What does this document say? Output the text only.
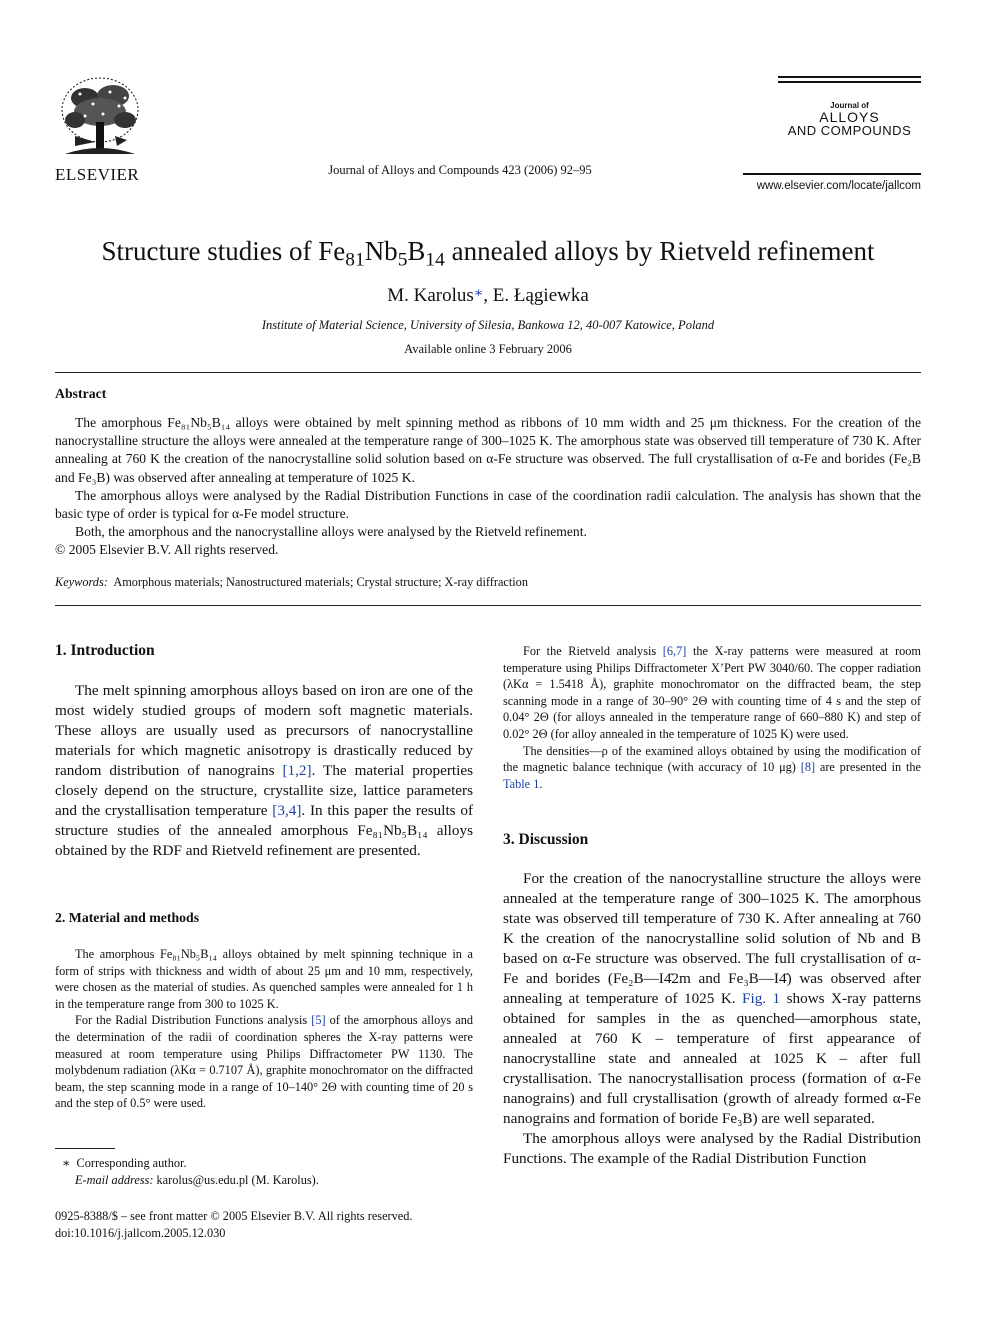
ELSEVIER	Journal of Alloys and Compounds 423 (2006) 92–95
Journal of
ALLOYS
AND COMPOUNDS
www.elsevier.com/locate/jallcom
Structure studies of $Fe_{81}Nb_5B_{14}$ annealed alloys by Rietveld refinement
M. Karolus∗, E. Łągiewka
Institute of Material Science, University of Silesia, Bankowa 12, 40-007 Katowice, Poland
Available online 3 February 2006
Abstract

The amorphous Fe₈₁Nb₅B₁₄ alloys were obtained by melt spinning method as ribbons of 10 mm width and 25 μm thickness. For the creation of the nanocrystalline structure the alloys were annealed at the temperature range of 300–1025 K. The amorphous state was observed till temperature of 730 K. After annealing at 760 K the creation of the nanocrystalline solid solution based on α-Fe structure was observed. The full crystallisation of α-Fe and borides (Fe₂B and Fe₃B) was observed after annealing at temperature of 1025 K.

The amorphous alloys were analysed by the Radial Distribution Functions in case of the coordination radii calculation. The analysis has shown that the basic type of order is typical for α-Fe model structure.

Both, the amorphous and the nanocrystalline alloys were analysed by the Rietveld refinement.

© 2005 Elsevier B.V. All rights reserved.

Keywords: Amorphous materials; Nanostructured materials; Crystal structure; X-ray diffraction
1. Introduction

The melt spinning amorphous alloys based on iron are one of the most widely studied groups of modern soft magnetic materials. These alloys are usually used as precursors of nanocrystalline materials for which magnetic anisotropy is drastically reduced by random distribution of nanograins [1,2]. The material properties closely depend on the structure, crystallite size, lattice parameters and the crystallisation temperature [3,4]. In this paper the results of structure studies of the annealed amorphous Fe₈₁Nb₅B₁₄ alloys obtained by the RDF and Rietveld refinement are presented.

2. Material and methods

The amorphous Fe₈₁Nb₅B₁₄ alloys obtained by melt spinning technique in a form of strips with thickness and width of about 25 μm and 10 mm, respectively, were chosen as the material of studies. As quenched samples were annealed for 1 h in the temperature range from 300 to 1025 K.

For the Radial Distribution Functions analysis [5] of the amorphous alloys and the determination of the radii of coordination spheres the X-ray patterns were measured at room temperature using Philips Diffractometer PW 1130. The molybdenum radiation (λKα = 0.7107 Å), graphite monochromator on the diffracted beam, the step scanning mode in a range of 10–140° 2Θ with counting time of 20 s and the step of 0.5° were used.

∗ Corresponding author.
E-mail address: karolus@us.edu.pl (M. Karolus).
0925-8388/$ – see front matter © 2005 Elsevier B.V. All rights reserved.
doi:10.1016/j.jallcom.2005.12.030

For the Rietveld analysis [6,7] the X-ray patterns were measured at room temperature using Philips Diffractometer X’Pert PW 3040/60. The copper radiation (λKα = 1.5418 Å), graphite monochromator on the diffracted beam, the step scanning mode in a range of 30–90° 2Θ with counting time of 4 s and the step of 0.04° 2Θ (for alloys annealed in the temperature range of 660–880 K) and step of 0.02° 2Θ (for alloy annealed in the temperature of 1025 K) were used.

The densities—ρ of the examined alloys obtained by using the modification of the magnetic balance technique (with accuracy of 10 μg) [8] are presented in the Table 1.

3. Discussion

For the creation of the nanocrystalline structure the alloys were annealed at the temperature range of 300–1025 K. The amorphous state was observed till temperature of 730 K. After annealing at 760 K the creation of the nanocrystalline solid solution of Nb and B based on α-Fe structure was observed. The full crystallisation of α-Fe and borides (Fe₂B—I4̄2m and Fe₃B—I4̄) was observed after annealing at temperature of 1025 K. Fig. 1 shows X-ray patterns obtained for samples in the as quenched—amorphous state, annealed at 760 K – temperature of first appearance of nanocrystalline state and annealed at 1025 K – after full crystallisation. The nanocrystallisation process (formation of α-Fe nanograins) and full crystallisation (growth of already formed α-Fe nanograins and formation of boride Fe₃B) are well separated.

The amorphous alloys were analysed by the Radial Distribution Functions. The example of the Radial Distribution Function
